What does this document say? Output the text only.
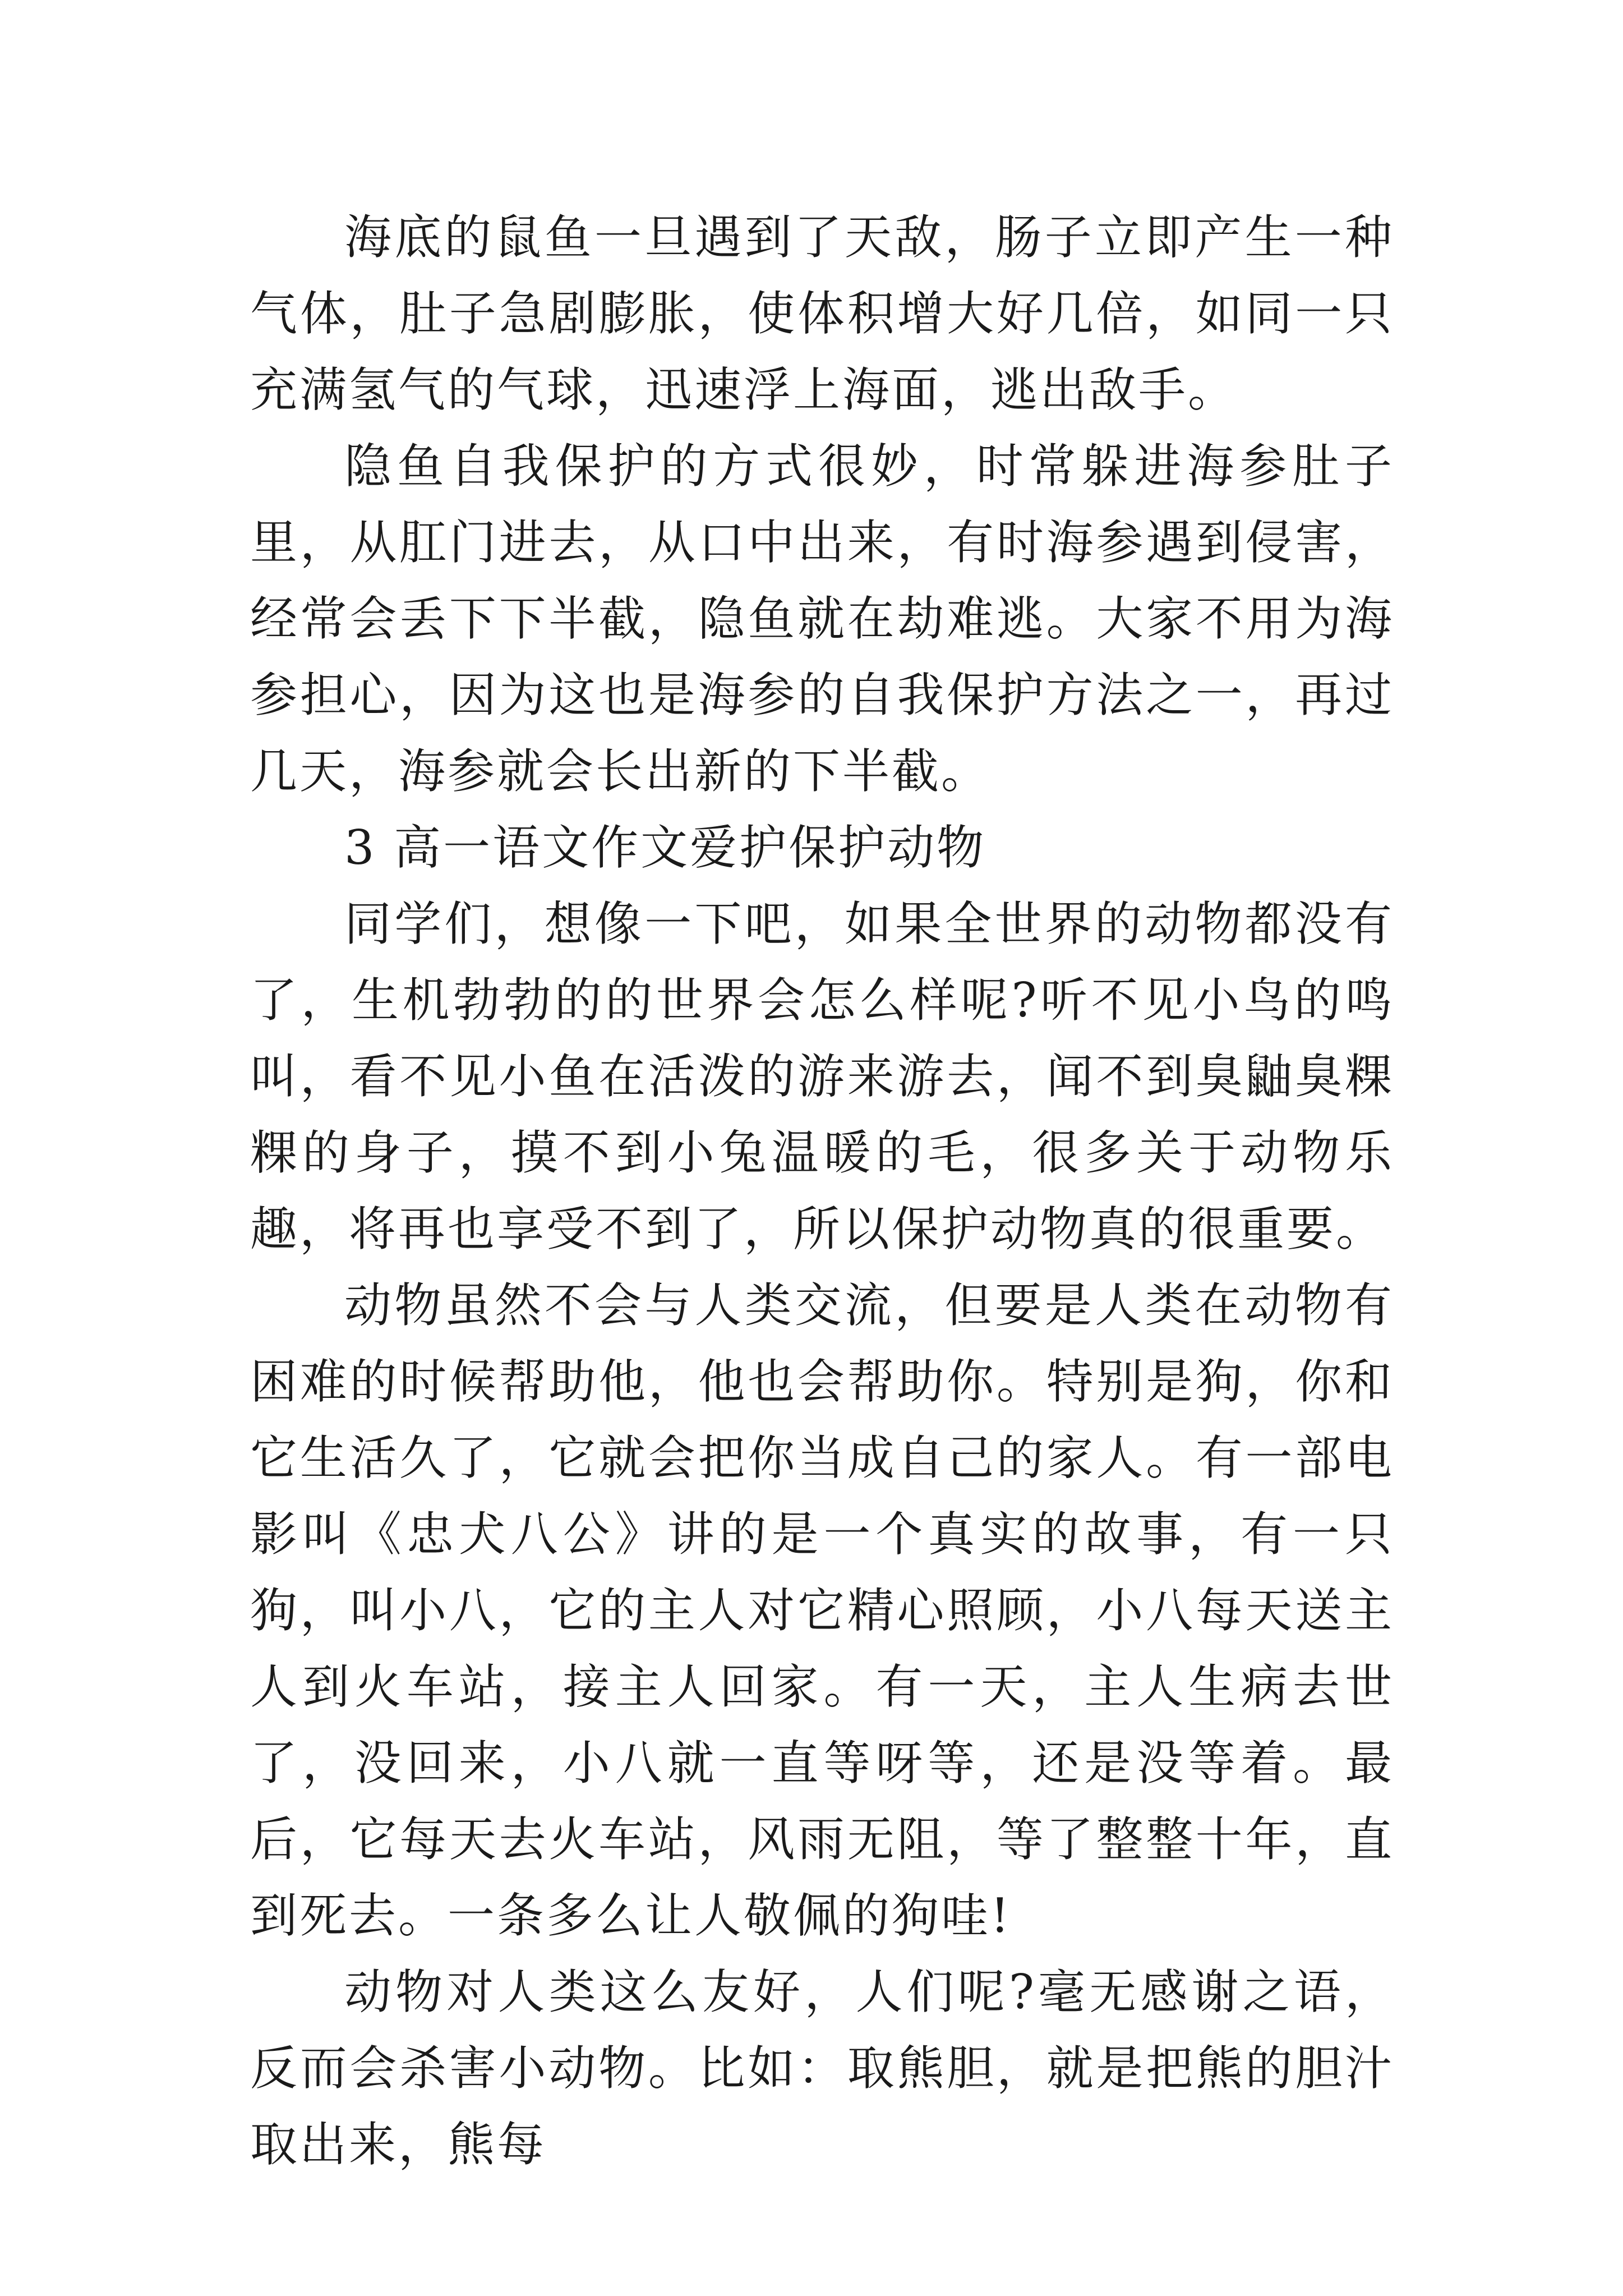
海底的鼠鱼一旦遇到了天敌，肠子立即产生一种气体，肚子急剧膨胀，使体积增大好几倍，如同一只充满氢气的气球，迅速浮上海面，逃出敌手。

隐鱼自我保护的方式很妙，时常躲进海参肚子里，从肛门进去，从口中出来，有时海参遇到侵害，经常会丢下下半截，隐鱼就在劫难逃。大家不用为海参担心，因为这也是海参的自我保护方法之一，再过几天，海参就会长出新的下半截。

3 高一语文作文爱护保护动物

同学们，想像一下吧，如果全世界的动物都没有了，生机勃勃的的世界会怎么样呢?听不见小鸟的鸣叫，看不见小鱼在活泼的游来游去，闻不到臭鼬臭粿粿的身子，摸不到小兔温暖的毛，很多关于动物乐趣，将再也享受不到了，所以保护动物真的很重要。

动物虽然不会与人类交流，但要是人类在动物有困难的时候帮助他，他也会帮助你。特别是狗，你和它生活久了，它就会把你当成自己的家人。有一部电影叫《忠犬八公》讲的是一个真实的故事，有一只狗，叫小八，它的主人对它精心照顾，小八每天送主人到火车站，接主人回家。有一天，主人生病去世了，没回来，小八就一直等呀等，还是没等着。最后，它每天去火车站，风雨无阻，等了整整十年，直到死去。一条多么让人敬佩的狗哇!

动物对人类这么友好，人们呢?毫无感谢之语，反而会杀害小动物。比如：取熊胆，就是把熊的胆汁取出来，熊每
